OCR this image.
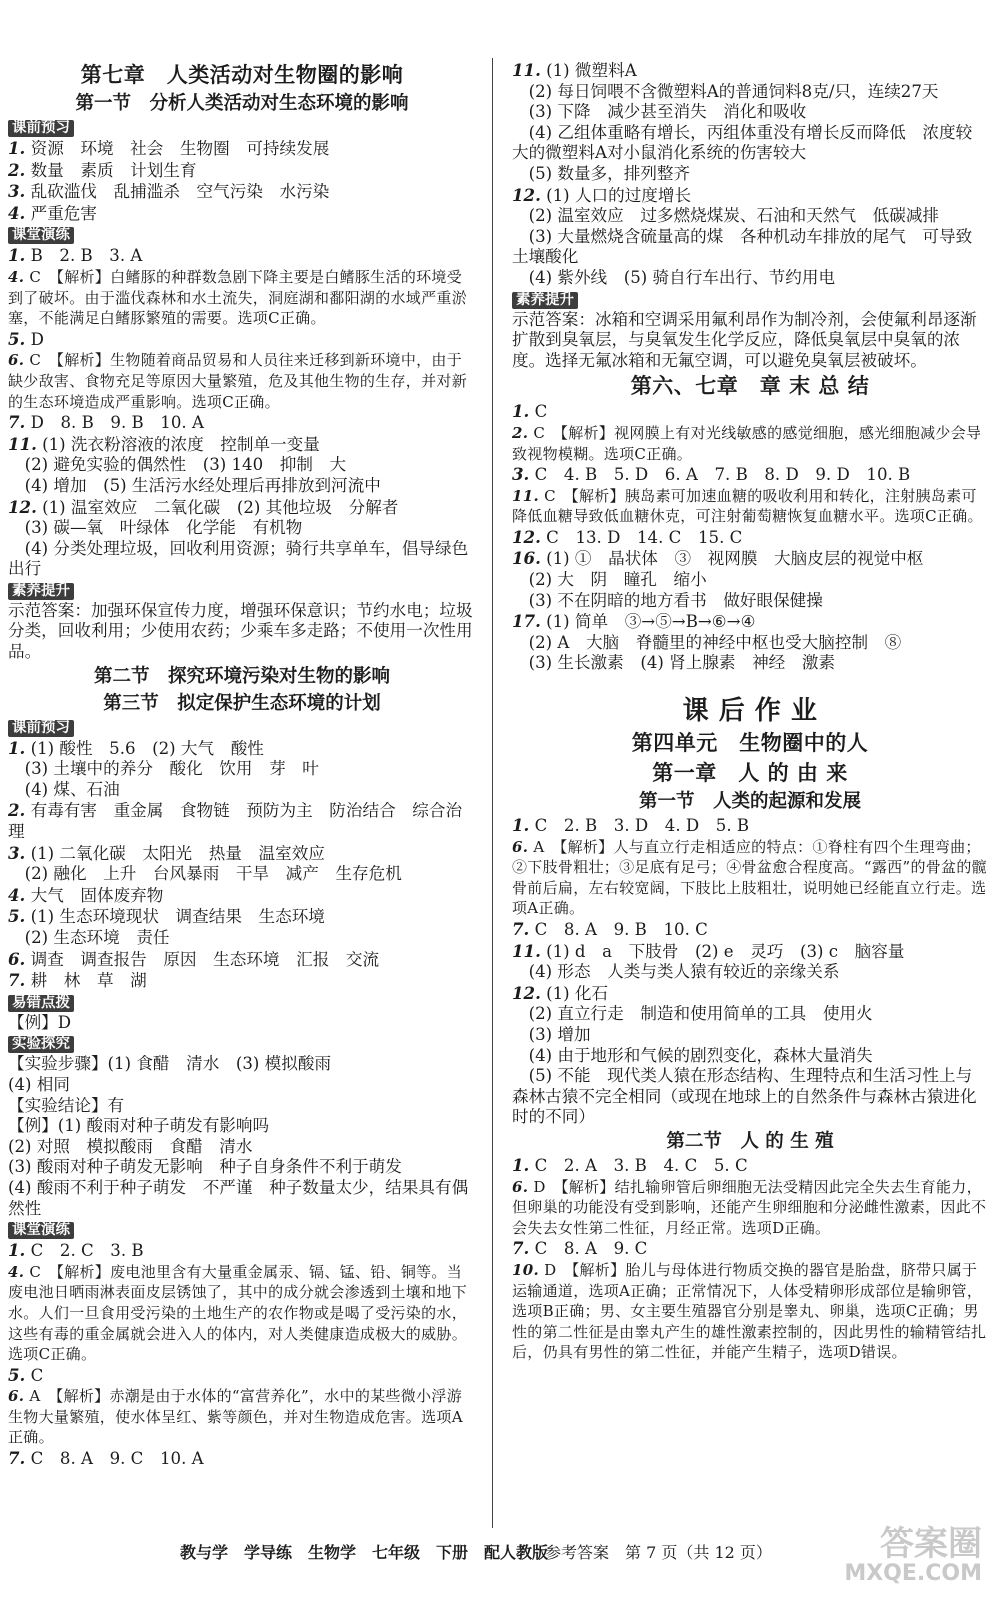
第七章　人类活动对生物圈的影响
第一节　分析人类活动对生态环境的影响
课前预习
1. 资源　环境　社会　生物圈　可持续发展
2. 数量　素质　计划生育
3. 乱砍滥伐　乱捕滥杀　空气污染　水污染
4. 严重危害
课堂演练
1. B　2. B　3. A
4. C　【解析】白鳍豚的种群数急剧下降主要是白鳍豚生活的环境受到了破坏。由于滥伐森林和水土流失，洞庭湖和鄱阳湖的水域严重淤塞，不能满足白鳍豚繁殖的需要。选项C正确。
5. D
6. C　【解析】生物随着商品贸易和人员往来迁移到新环境中，由于缺少敌害、食物充足等原因大量繁殖，危及其他生物的生存，并对新的生态环境造成严重影响。选项C正确。
7. D　8. B　9. B　10. A
11. (1) 洗衣粉溶液的浓度　控制单一变量
　(2) 避免实验的偶然性　(3) 140　抑制　大
　(4) 增加　(5) 生活污水经处理后再排放到河流中
12. (1) 温室效应　二氧化碳　(2) 其他垃圾　分解者
　(3) 碳—氧　叶绿体　化学能　有机物
　(4) 分类处理垃圾，回收利用资源；骑行共享单车，倡导绿色出行
素养提升
示范答案：加强环保宣传力度，增强环保意识；节约水电；垃圾分类，回收利用；少使用农药；少乘车多走路；不使用一次性用品。
第二节　探究环境污染对生物的影响
第三节　拟定保护生态环境的计划
课前预习
1. (1) 酸性　5.6　(2) 大气　酸性
　(3) 土壤中的养分　酸化　饮用　芽　叶
　(4) 煤、石油
2. 有毒有害　重金属　食物链　预防为主　防治结合　综合治理
3. (1) 二氧化碳　太阳光　热量　温室效应
　(2) 融化　上升　台风暴雨　干旱　减产　生存危机
4. 大气　固体废弃物
5. (1) 生态环境现状　调查结果　生态环境
　(2) 生态环境　责任
6. 调查　调查报告　原因　生态环境　汇报　交流
7. 耕　林　草　湖
易错点拨
【例】D
实验探究
【实验步骤】(1) 食醋　清水　(3) 模拟酸雨
(4) 相同
【实验结论】有
【例】(1) 酸雨对种子萌发有影响吗
(2) 对照　模拟酸雨　食醋　清水
(3) 酸雨对种子萌发无影响　种子自身条件不利于萌发
(4) 酸雨不利于种子萌发　不严谨　种子数量太少，结果具有偶然性
课堂演练
1. C　2. C　3. B
4. C　【解析】废电池里含有大量重金属汞、镉、锰、铅、铜等。当废电池日晒雨淋表面皮层锈蚀了，其中的成分就会渗透到土壤和地下水。人们一旦食用受污染的土地生产的农作物或是喝了受污染的水，这些有毒的重金属就会进入人的体内，对人类健康造成极大的威胁。选项C正确。
5. C
6. A　【解析】赤潮是由于水体的“富营养化”，水中的某些微小浮游生物大量繁殖，使水体呈红、紫等颜色，并对生物造成危害。选项A正确。
7. C　8. A　9. C　10. A
11. (1) 微塑料A
　(2) 每日饲喂不含微塑料A的普通饲料8克/只，连续27天
　(3) 下降　减少甚至消失　消化和吸收
　(4) 乙组体重略有增长，丙组体重没有增长反而降低　浓度较大的微塑料A对小鼠消化系统的伤害较大
　(5) 数量多，排列整齐
12. (1) 人口的过度增长
　(2) 温室效应　过多燃烧煤炭、石油和天然气　低碳减排
　(3) 大量燃烧含硫量高的煤　各种机动车排放的尾气　可导致土壤酸化
　(4) 紫外线　(5) 骑自行车出行、节约用电
素养提升
示范答案：冰箱和空调采用氟利昂作为制冷剂，会使氟利昂逐渐扩散到臭氧层，与臭氧发生化学反应，降低臭氧层中臭氧的浓度。选择无氟冰箱和无氟空调，可以避免臭氧层被破坏。
第六、七章　章 末 总 结
1. C
2. C　【解析】视网膜上有对光线敏感的感觉细胞，感光细胞减少会导致视物模糊。选项C正确。
3. C　4. B　5. D　6. A　7. B　8. D　9. D　10. B
11. C　【解析】胰岛素可加速血糖的吸收利用和转化，注射胰岛素可降低血糖导致低血糖休克，可注射葡萄糖恢复血糖水平。选项C正确。
12. C　13. D　14. C　15. C
16. (1) ①　晶状体　③　视网膜　大脑皮层的视觉中枢
　(2) 大　阴　瞳孔　缩小
　(3) 不在阴暗的地方看书　做好眼保健操
17. (1) 简单　③→⑤→B→⑥→④
　(2) A　大脑　脊髓里的神经中枢也受大脑控制　⑧
　(3) 生长激素　(4) 肾上腺素　神经　激素
课 后 作 业
第四单元　生物圈中的人
第一章　人 的 由 来
第一节　人类的起源和发展
1. C　2. B　3. D　4. D　5. B
6. A　【解析】人与直立行走相适应的特点：①脊柱有四个生理弯曲；②下肢骨粗壮；③足底有足弓；④骨盆愈合程度高。“露西”的骨盆的髋骨前后扁，左右较宽阔，下肢比上肢粗壮，说明她已经能直立行走。选项A正确。
7. C　8. A　9. B　10. C
11. (1) d　a　下肢骨　(2) e　灵巧　(3) c　脑容量
　(4) 形态　人类与类人猿有较近的亲缘关系
12. (1) 化石
　(2) 直立行走　制造和使用简单的工具　使用火
　(3) 增加
　(4) 由于地形和气候的剧烈变化，森林大量消失
　(5) 不能　现代类人猿在形态结构、生理特点和生活习性上与森林古猿不完全相同（或现在地球上的自然条件与森林古猿进化时的不同）
第二节　人 的 生 殖
1. C　2. A　3. B　4. C　5. C
6. D　【解析】结扎输卵管后卵细胞无法受精因此完全失去生育能力，但卵巢的功能没有受到影响，还能产生卵细胞和分泌雌性激素，因此不会失去女性第二性征，月经正常。选项D正确。
7. C　8. A　9. C
10. D　【解析】胎儿与母体进行物质交换的器官是胎盘，脐带只属于运输通道，选项A正确；正常情况下，人体受精卵形成部位是输卵管，选项B正确；男、女主要生殖器官分别是睾丸、卵巢，选项C正确；男性的第二性征是由睾丸产生的雄性激素控制的，因此男性的输精管结扎后，仍具有男性的第二性征，并能产生精子，选项D错误。
教与学　学导练　生物学　七年级　下册　配人教版
参考答案　第 7 页（共 12 页）	答案圈
MXQE.COM
